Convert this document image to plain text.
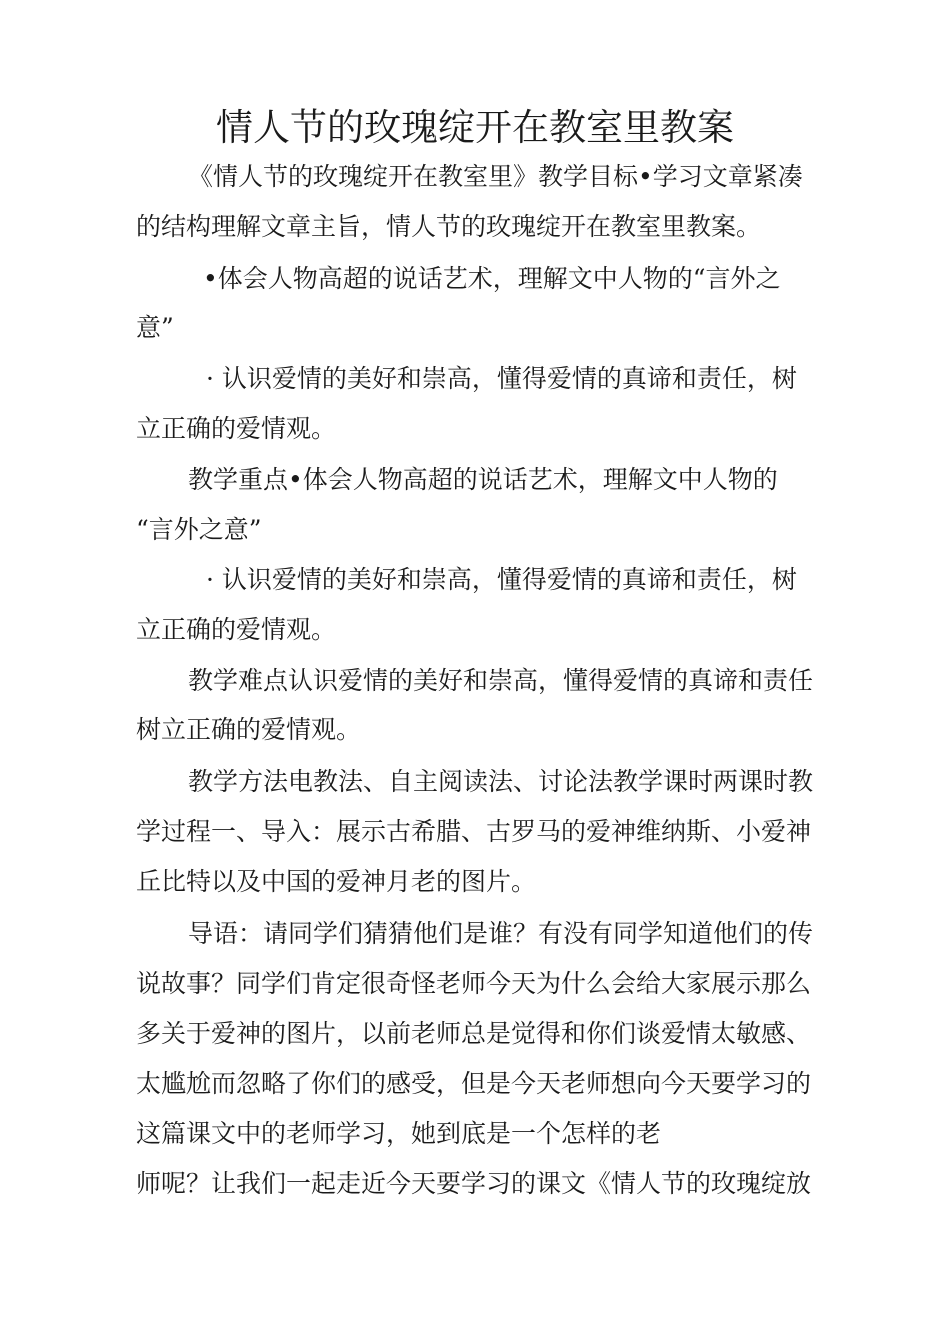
情人节的玫瑰绽开在教室里教案
《情人节的玫瑰绽开在教室里》教学目标•学习文章紧凑
的结构理解文章主旨，情人节的玫瑰绽开在教室里教案。
•体会人物高超的说话艺术，理解文中人物的“言外之
意”
· 认识爱情的美好和崇高，懂得爱情的真谛和责任，树
立正确的爱情观。
教学重点•体会人物高超的说话艺术，理解文中人物的
“言外之意”
· 认识爱情的美好和崇高，懂得爱情的真谛和责任，树
立正确的爱情观。
教学难点认识爱情的美好和崇高，懂得爱情的真谛和责任
树立正确的爱情观。
教学方法电教法、自主阅读法、讨论法教学课时两课时教
学过程一、导入：展示古希腊、古罗马的爱神维纳斯、小爱神
丘比特以及中国的爱神月老的图片。
导语：请同学们猜猜他们是谁？有没有同学知道他们的传
说故事？同学们肯定很奇怪老师今天为什么会给大家展示那么
多关于爱神的图片，以前老师总是觉得和你们谈爱情太敏感、
太尴尬而忽略了你们的感受，但是今天老师想向今天要学习的
这篇课文中的老师学习，她到底是一个怎样的老
师呢？让我们一起走近今天要学习的课文《情人节的玫瑰绽放
